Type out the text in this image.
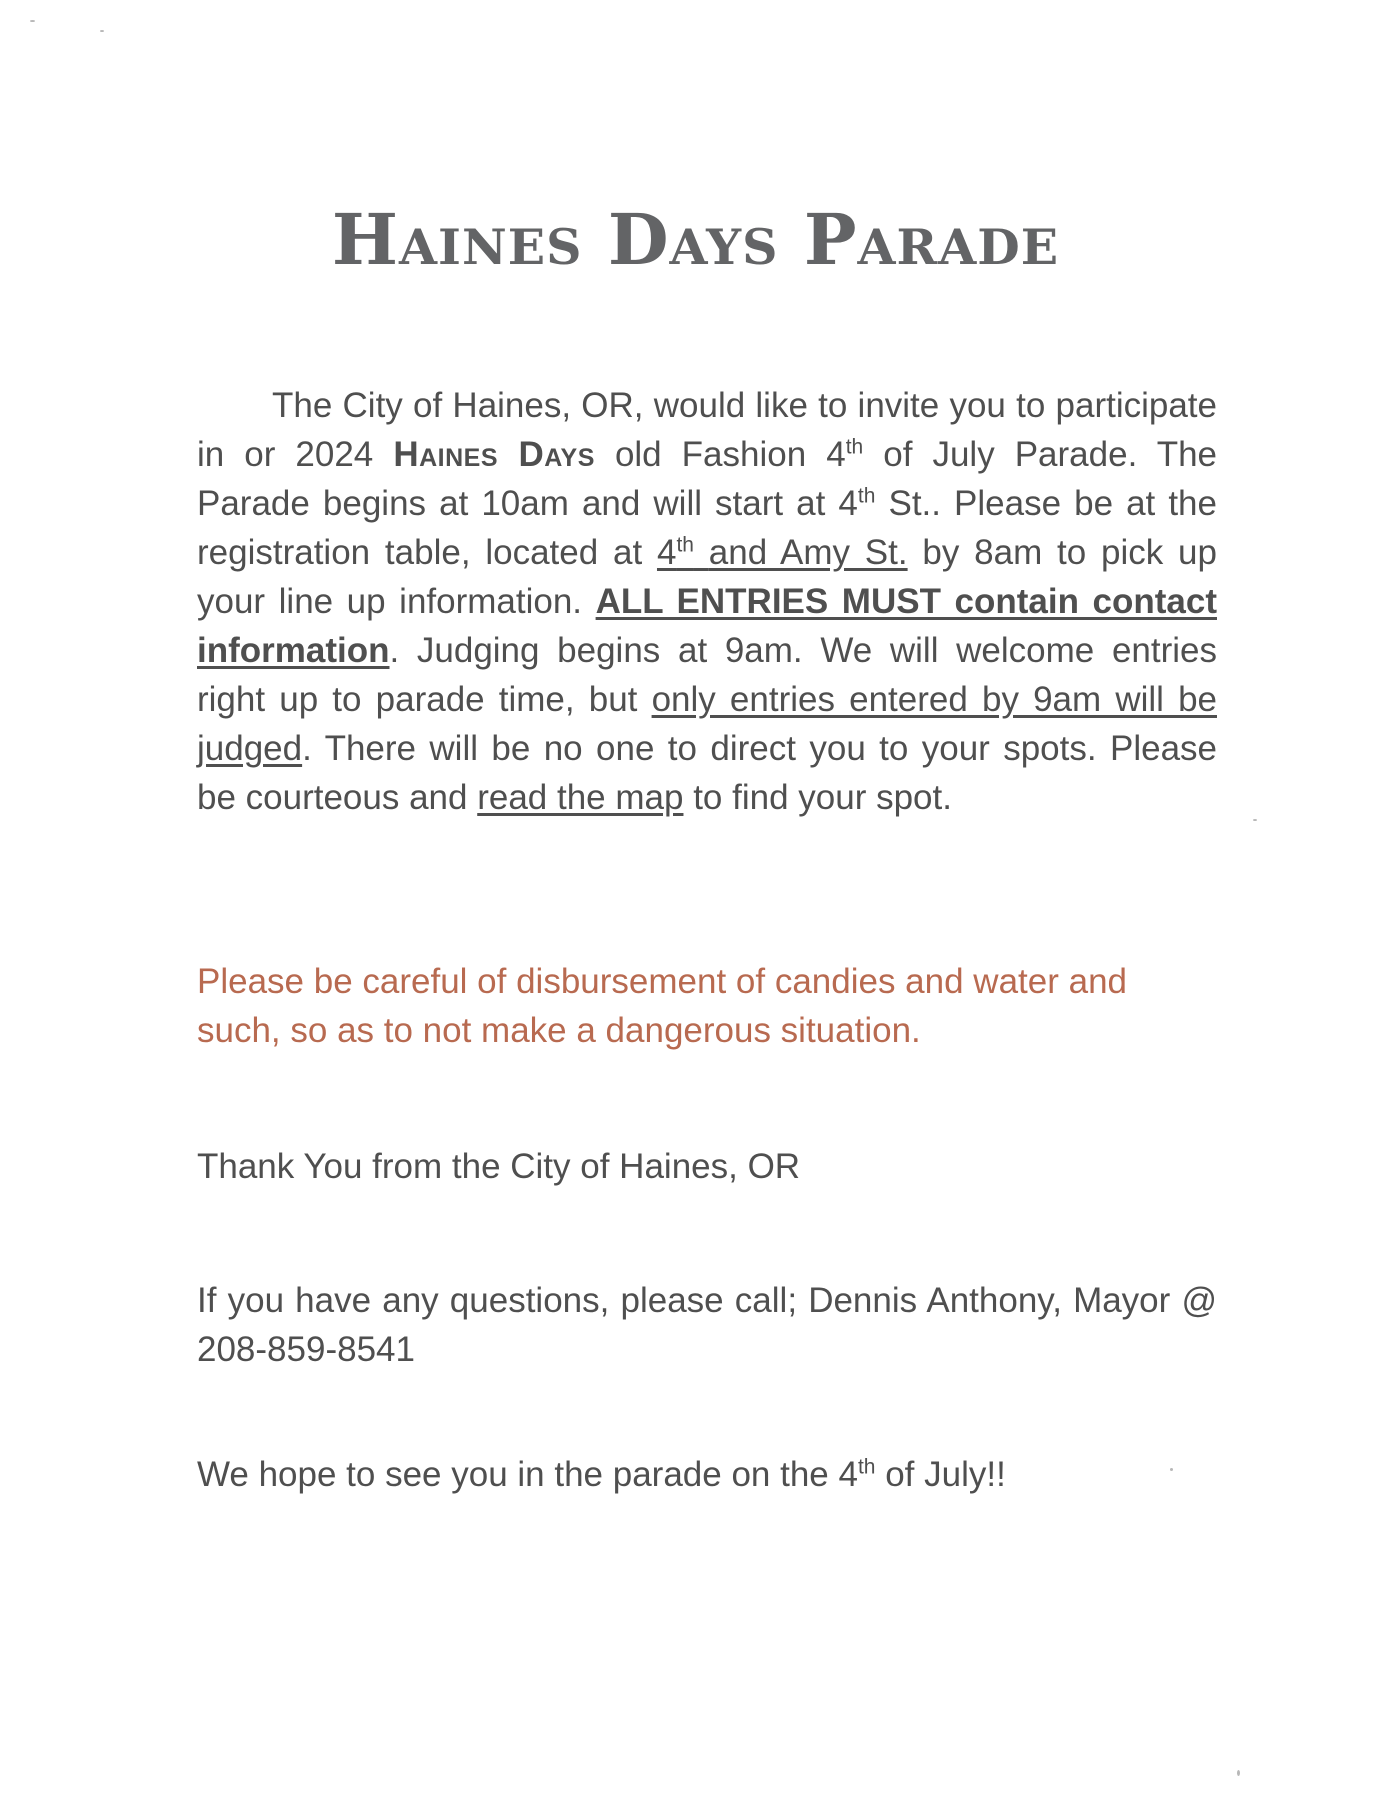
Haines Days Parade

The City of Haines, OR, would like to invite you to participate in or 2024 Haines Days old Fashion 4th of July Parade. The Parade begins at 10am and will start at 4th St.. Please be at the registration table, located at 4th and Amy St. by 8am to pick up your line up information. ALL ENTRIES MUST contain contact information. Judging begins at 9am. We will welcome entries right up to parade time, but only entries entered by 9am will be judged. There will be no one to direct you to your spots. Please be courteous and read the map to find your spot.

Please be careful of disbursement of candies and water and such, so as to not make a dangerous situation.

Thank You from the City of Haines, OR

If you have any questions, please call; Dennis Anthony, Mayor @ 208-859-8541

We hope to see you in the parade on the 4th of July!!
